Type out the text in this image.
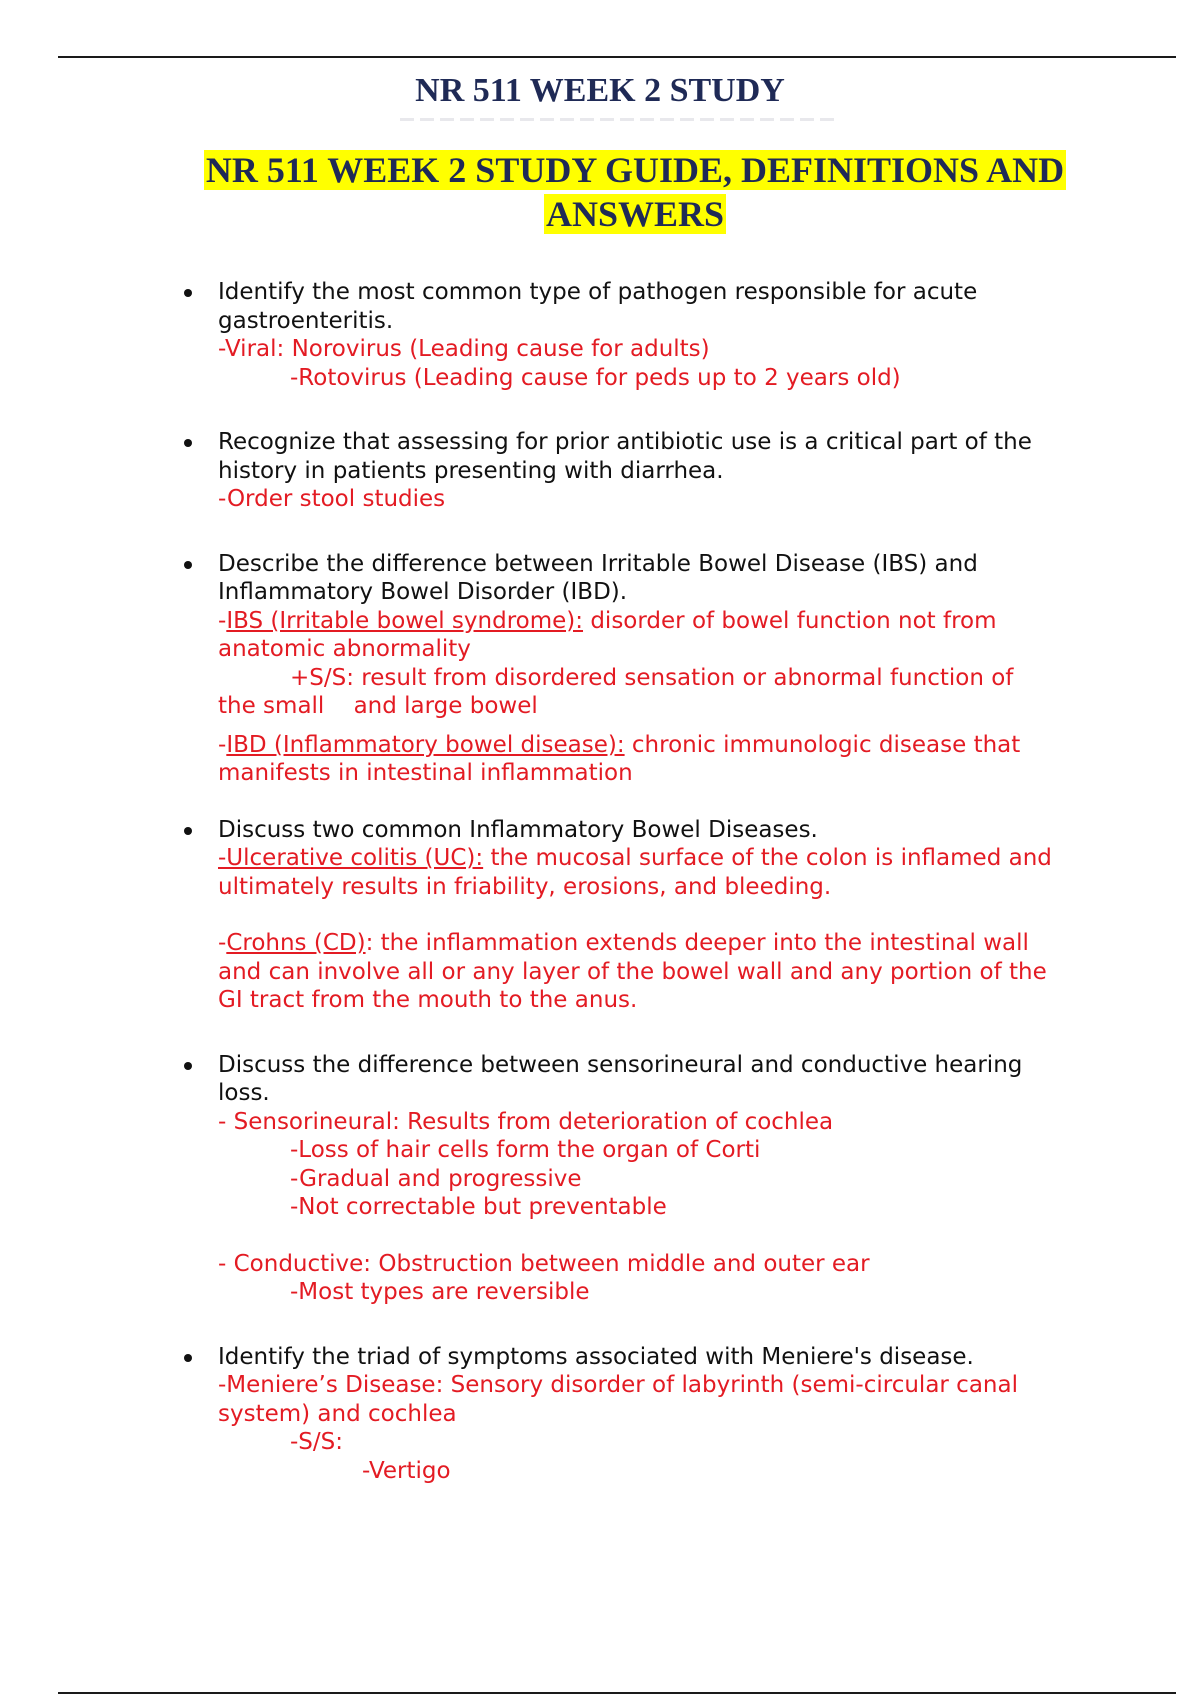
NR 511 WEEK 2 STUDY
NR 511 WEEK 2 STUDY GUIDE, DEFINITIONS AND
ANSWERS
Identify the most common type of pathogen responsible for acute gastroenteritis.
-Viral: Norovirus (Leading cause for adults)
-Rotovirus (Leading cause for peds up to 2 years old)
Recognize that assessing for prior antibiotic use is a critical part of the history in patients presenting with diarrhea.
-Order stool studies
Describe the difference between Irritable Bowel Disease (IBS) and Inflammatory Bowel Disorder (IBD).
-IBS (Irritable bowel syndrome): disorder of bowel function not from anatomic abnormality
+S/S: result from disordered sensation or abnormal function of
the small    and large bowel
-IBD (Inflammatory bowel disease): chronic immunologic disease that manifests in intestinal inflammation
Discuss two common Inflammatory Bowel Diseases.
-Ulcerative colitis (UC): the mucosal surface of the colon is inflamed and ultimately results in friability, erosions, and bleeding.
-Crohns (CD): the inflammation extends deeper into the intestinal wall and can involve all or any layer of the bowel wall and any portion of the GI tract from the mouth to the anus.
Discuss the difference between sensorineural and conductive hearing loss.
- Sensorineural: Results from deterioration of cochlea
-Loss of hair cells form the organ of Corti
-Gradual and progressive
-Not correctable but preventable
- Conductive: Obstruction between middle and outer ear
-Most types are reversible
Identify the triad of symptoms associated with Meniere's disease.
-Meniere’s Disease: Sensory disorder of labyrinth (semi-circular canal system) and cochlea
-S/S:
-Vertigo
